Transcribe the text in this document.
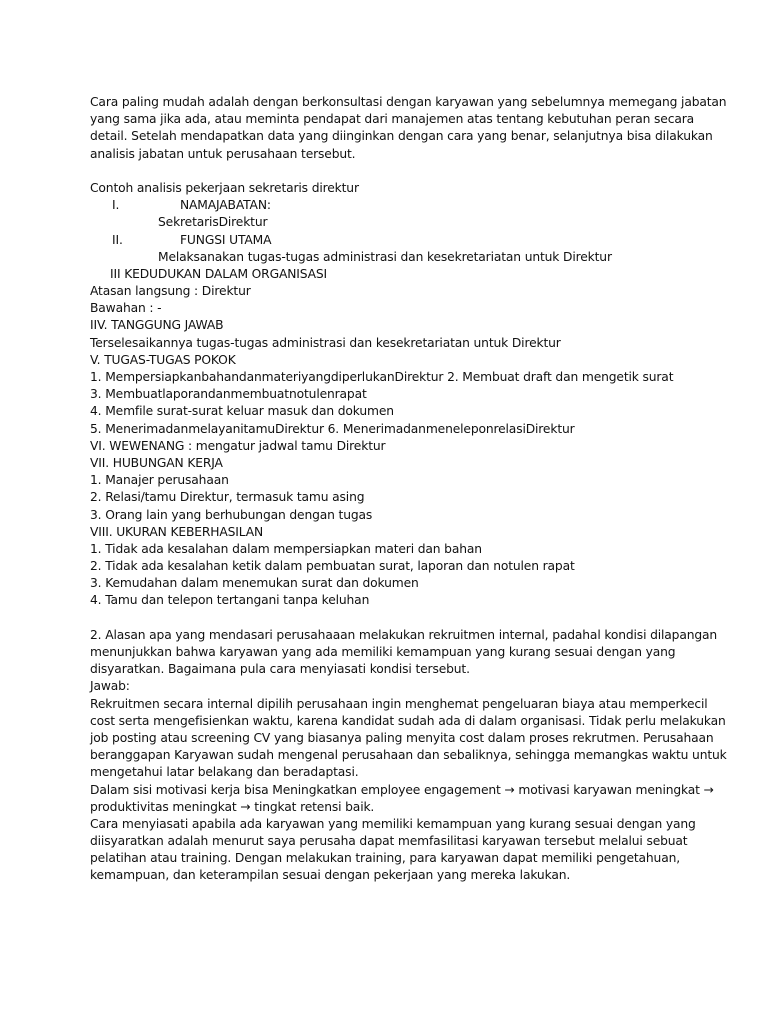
Cara paling mudah adalah dengan berkonsultasi dengan karyawan yang sebelumnya memegang jabatan
yang sama jika ada, atau meminta pendapat dari manajemen atas tentang kebutuhan peran secara
detail. Setelah mendapatkan data yang diinginkan dengan cara yang benar, selanjutnya bisa dilakukan
analisis jabatan untuk perusahaan tersebut.
Contoh analisis pekerjaan sekretaris direktur
I.	NAMAJABATAN:
SekretarisDirektur
II.	FUNGSI UTAMA
Melaksanakan tugas-tugas administrasi dan kesekretariatan untuk Direktur
III KEDUDUKAN DALAM ORGANISASI
Atasan langsung : Direktur
Bawahan : -
IIV. TANGGUNG JAWAB
Terselesaikannya tugas-tugas administrasi dan kesekretariatan untuk Direktur
V. TUGAS-TUGAS POKOK
1. MempersiapkanbahandanmateriyangdiperlukanDirektur 2. Membuat draft dan mengetik surat
3. Membuatlaporandanmembuatnotulenrapat
4. Memfile surat-surat keluar masuk dan dokumen
5. MenerimadanmelayanitamuDirektur 6. MenerimadanmeneleponrelasiDirektur
VI. WEWENANG : mengatur jadwal tamu Direktur
VII. HUBUNGAN KERJA
1. Manajer perusahaan
2. Relasi/tamu Direktur, termasuk tamu asing
3. Orang lain yang berhubungan dengan tugas
VIII. UKURAN KEBERHASILAN
1. Tidak ada kesalahan dalam mempersiapkan materi dan bahan
2. Tidak ada kesalahan ketik dalam pembuatan surat, laporan dan notulen rapat
3. Kemudahan dalam menemukan surat dan dokumen
4. Tamu dan telepon tertangani tanpa keluhan
2. Alasan apa yang mendasari perusahaaan melakukan rekruitmen internal, padahal kondisi dilapangan
menunjukkan bahwa karyawan yang ada memiliki kemampuan yang kurang sesuai dengan yang
disyaratkan. Bagaimana pula cara menyiasati kondisi tersebut.
Jawab:
Rekruitmen secara internal dipilih perusahaan ingin menghemat pengeluaran biaya atau memperkecil
cost serta mengefisienkan waktu, karena kandidat sudah ada di dalam organisasi. Tidak perlu melakukan
job posting atau screening CV yang biasanya paling menyita cost dalam proses rekrutmen. Perusahaan
beranggapan Karyawan sudah mengenal perusahaan dan sebaliknya, sehingga memangkas waktu untuk
mengetahui latar belakang dan beradaptasi.
Dalam sisi motivasi kerja bisa Meningkatkan employee engagement → motivasi karyawan meningkat →
produktivitas meningkat → tingkat retensi baik.
Cara menyiasati apabila ada karyawan yang memiliki kemampuan yang kurang sesuai dengan yang
diisyaratkan adalah menurut saya perusaha dapat memfasilitasi karyawan tersebut melalui sebuat
pelatihan atau training. Dengan melakukan training, para karyawan dapat memiliki pengetahuan,
kemampuan, dan keterampilan sesuai dengan pekerjaan yang mereka lakukan.
